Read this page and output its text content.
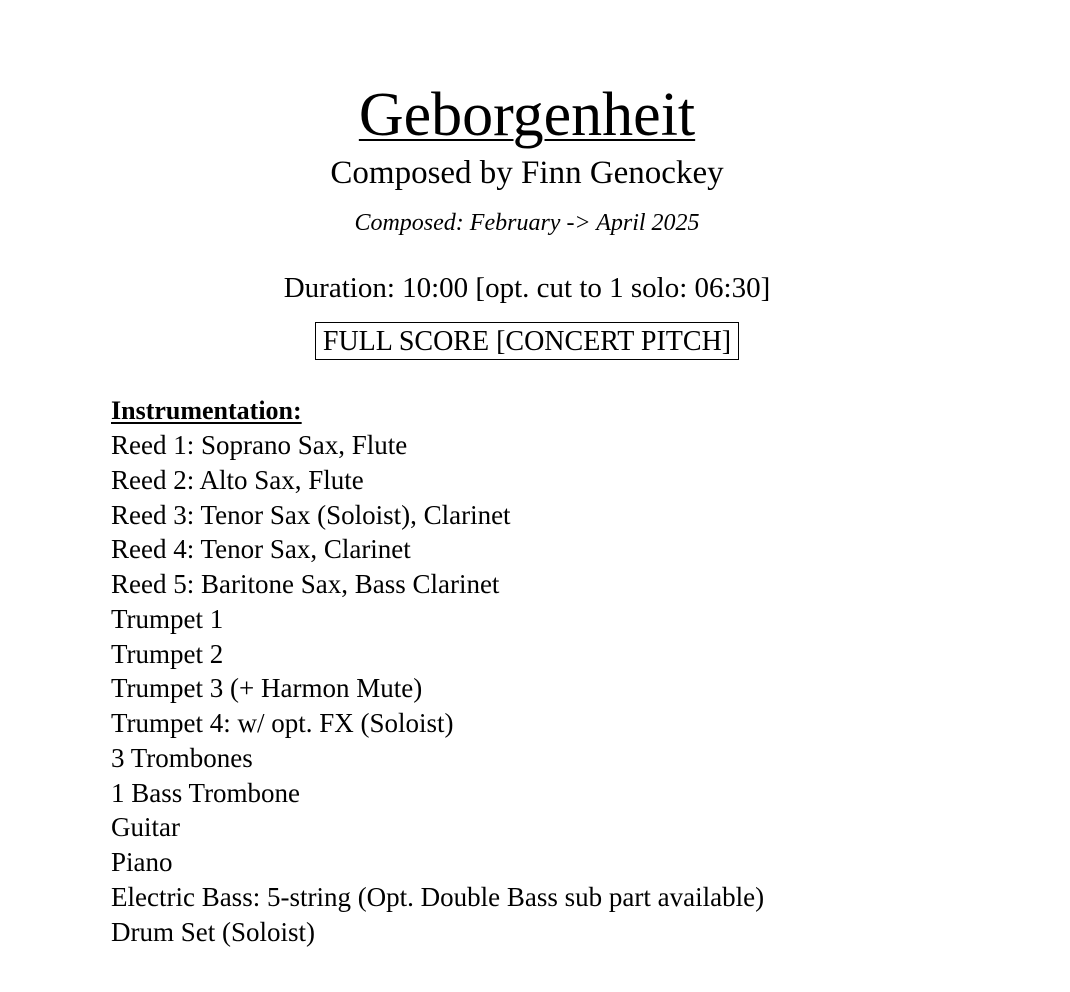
Geborgenheit
Composed by Finn Genockey
Composed: February -> April 2025
Duration: 10:00 [opt. cut to 1 solo: 06:30]
FULL SCORE [CONCERT PITCH]
Instrumentation:
Reed 1: Soprano Sax, Flute
Reed 2: Alto Sax, Flute
Reed 3: Tenor Sax (Soloist), Clarinet
Reed 4: Tenor Sax, Clarinet
Reed 5: Baritone Sax, Bass Clarinet
Trumpet 1
Trumpet 2
Trumpet 3 (+ Harmon Mute)
Trumpet 4: w/ opt. FX (Soloist)
3 Trombones
1 Bass Trombone
Guitar
Piano
Electric Bass: 5-string (Opt. Double Bass sub part available)
Drum Set (Soloist)
